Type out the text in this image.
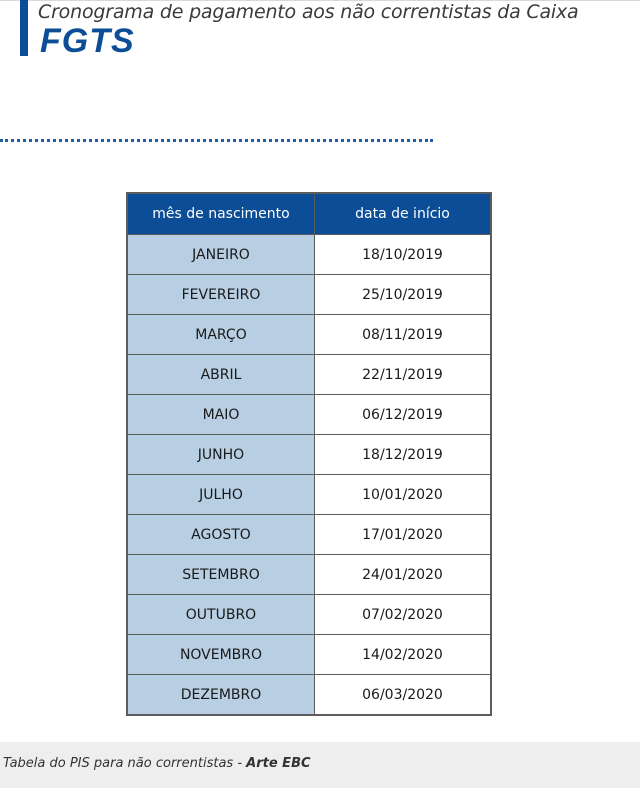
Cronograma de pagamento aos não correntistas da Caixa
FGTS
mês de nascimento	data de início
JANEIRO	18/10/2019
FEVEREIRO	25/10/2019
MARÇO	08/11/2019
ABRIL	22/11/2019
MAIO	06/12/2019
JUNHO	18/12/2019
JULHO	10/01/2020
AGOSTO	17/01/2020
SETEMBRO	24/01/2020
OUTUBRO	07/02/2020
NOVEMBRO	14/02/2020
DEZEMBRO	06/03/2020
Tabela do PIS para não correntistas - Arte EBC
